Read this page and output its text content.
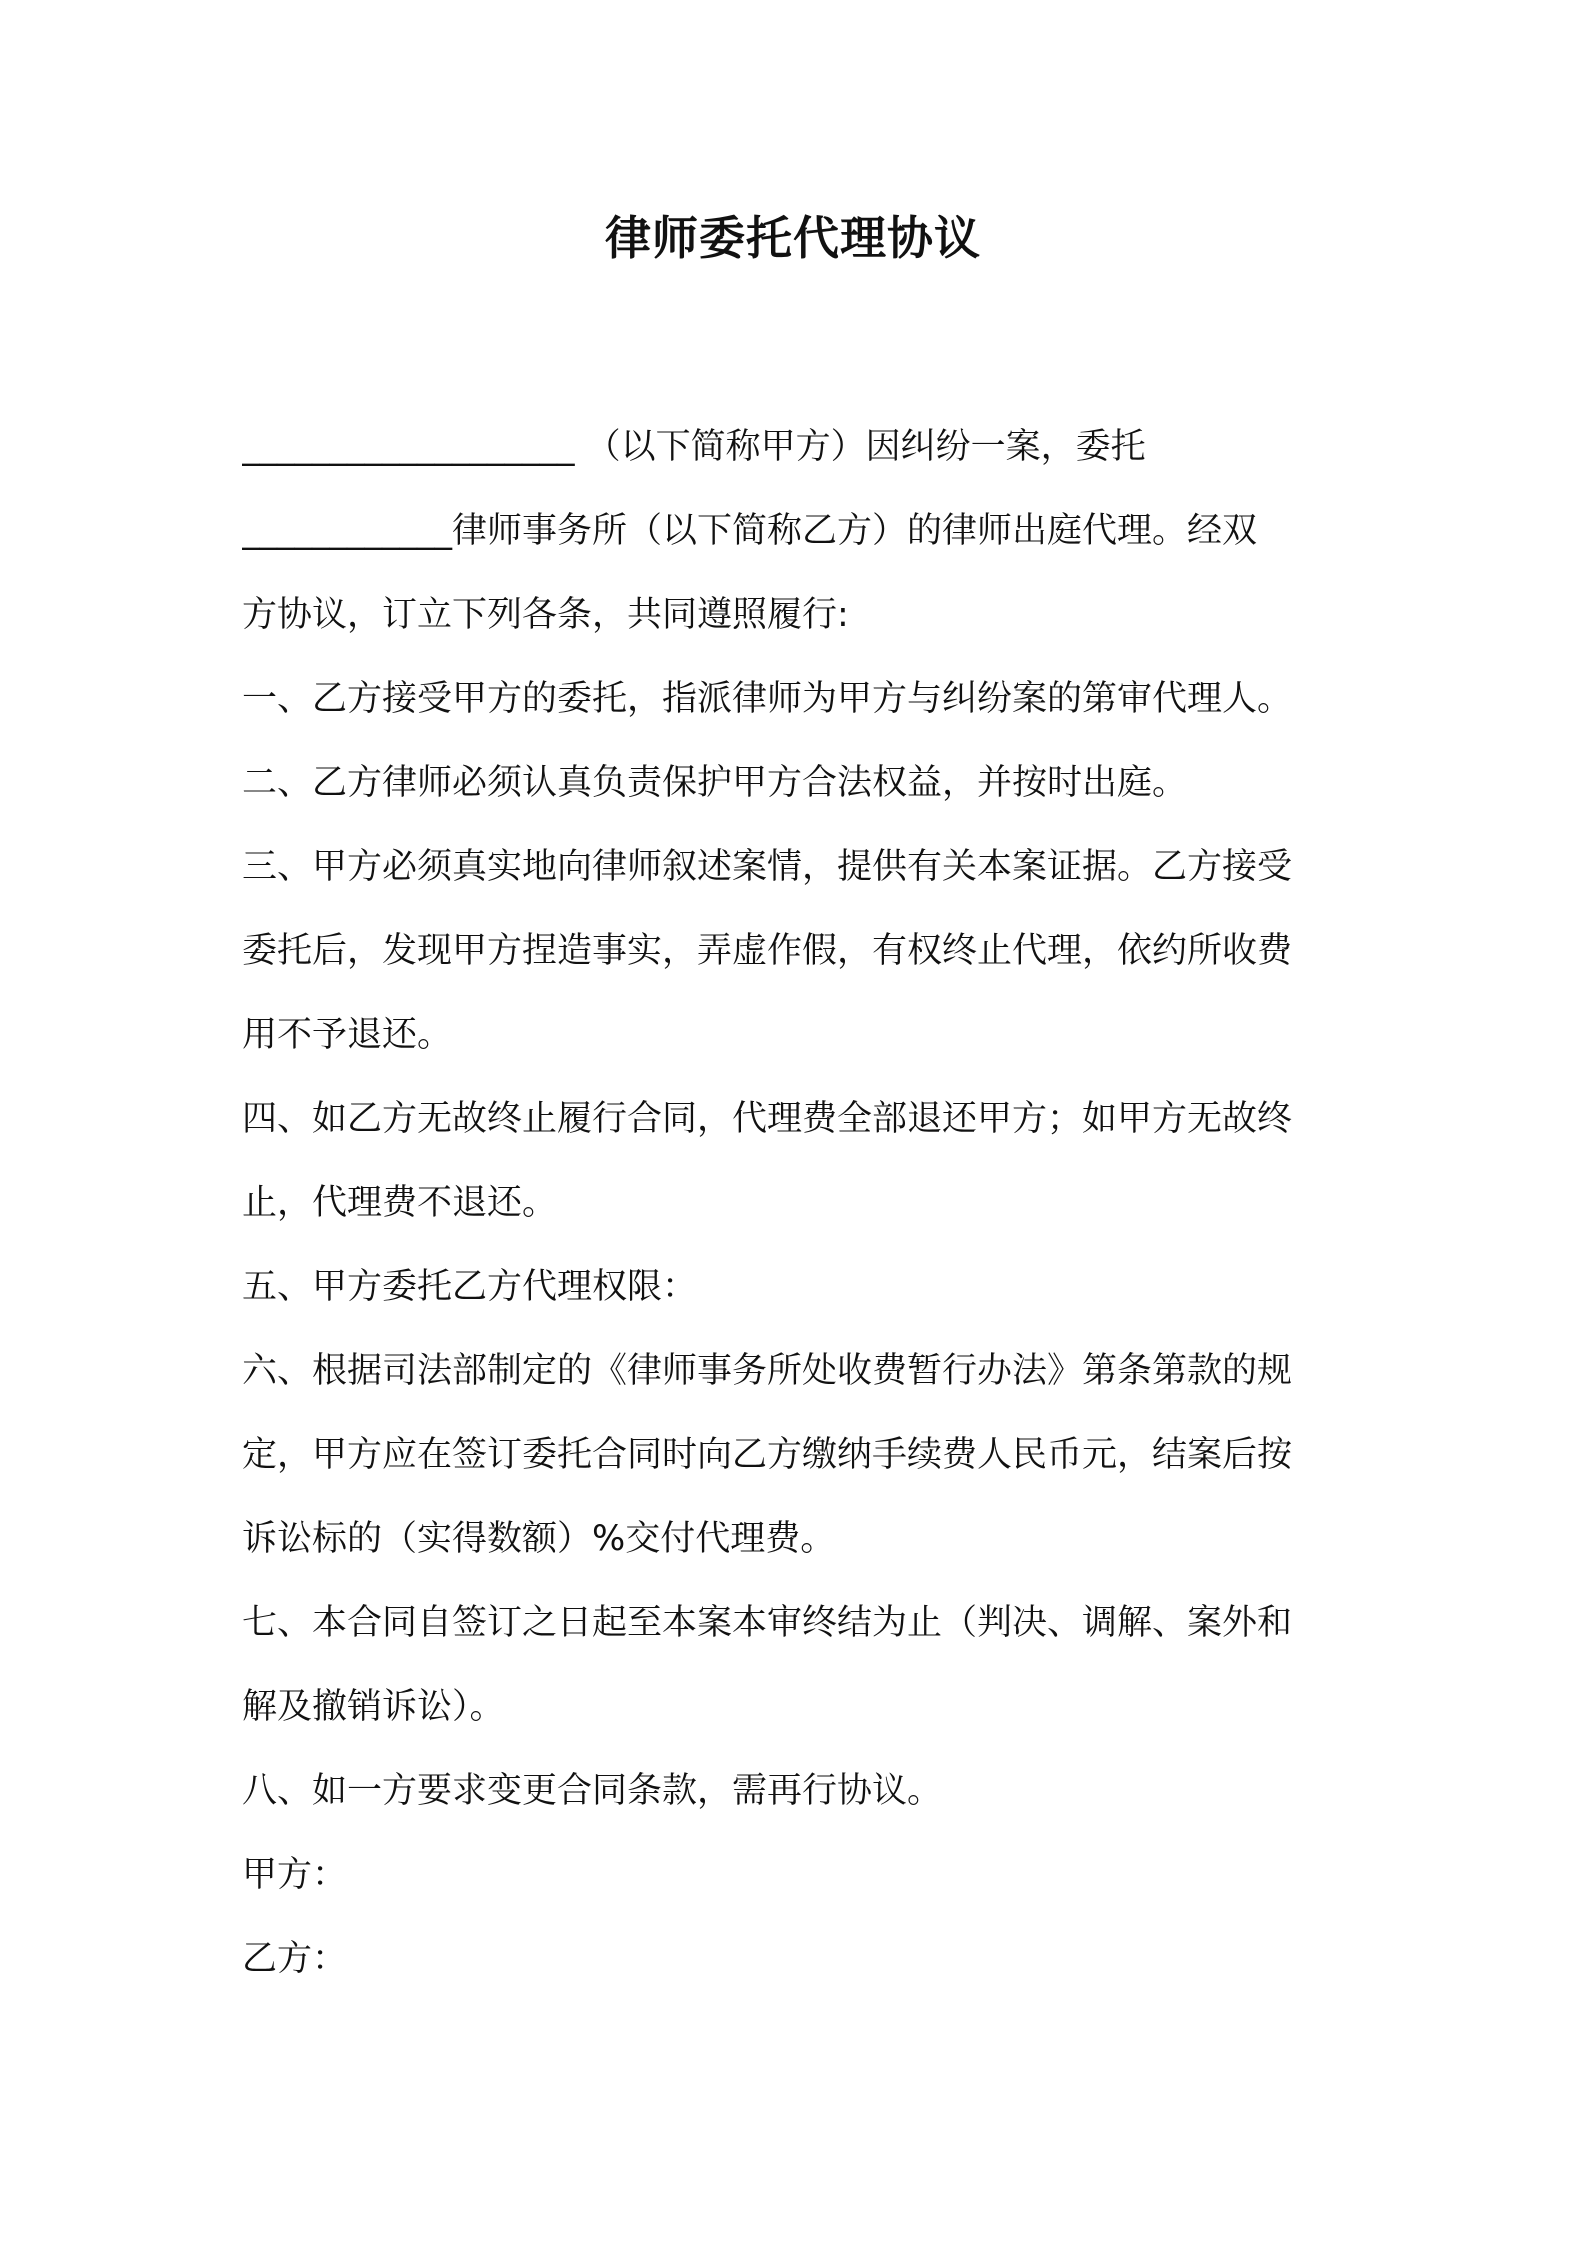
律师委托代理协议
___________________ （以下简称甲方）因纠纷一案，委托
____________律师事务所（以下简称乙方）的律师出庭代理。经双
方协议，订立下列各条，共同遵照履行:
一、乙方接受甲方的委托，指派律师为甲方与纠纷案的第审代理人。
二、乙方律师必须认真负责保护甲方合法权益，并按时出庭。
三、甲方必须真实地向律师叙述案情，提供有关本案证据。乙方接受
委托后，发现甲方捏造事实，弄虚作假，有权终止代理，依约所收费
用不予退还。
四、如乙方无故终止履行合同，代理费全部退还甲方；如甲方无故终
止，代理费不退还。
五、甲方委托乙方代理权限：
六、根据司法部制定的《律师事务所处收费暂行办法》第条第款的规
定，甲方应在签订委托合同时向乙方缴纳手续费人民币元，结案后按
诉讼标的（实得数额）%交付代理费。
七、本合同自签订之日起至本案本审终结为止（判决、调解、案外和
解及撤销诉讼）。
八、如一方要求变更合同条款，需再行协议。
甲方：
乙方：
